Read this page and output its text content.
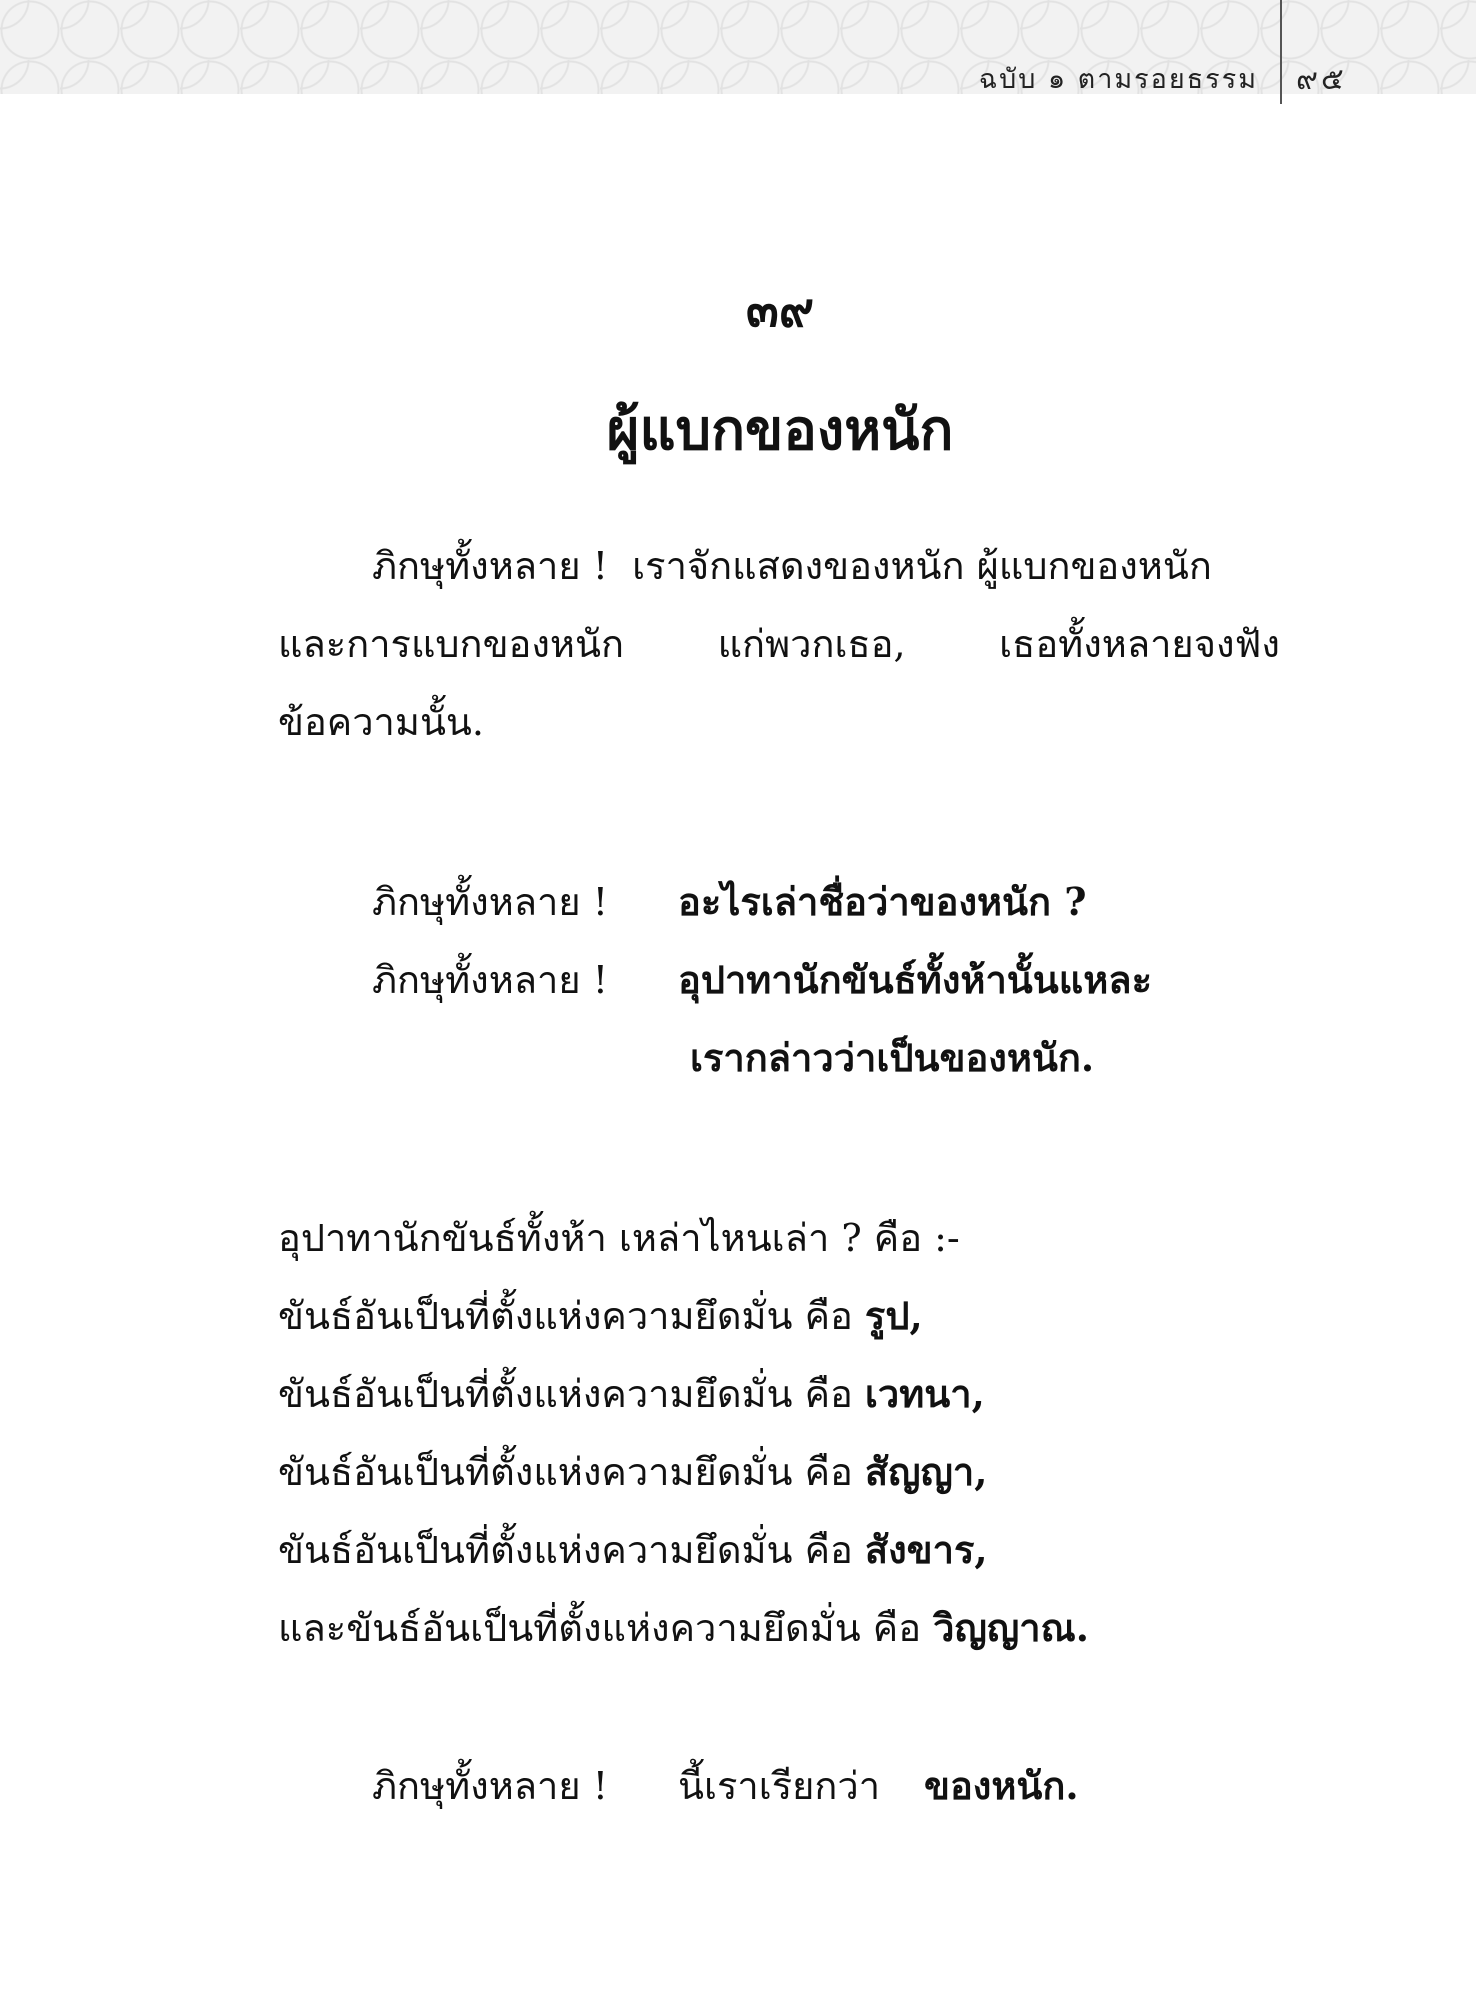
ฉบับ ๑ ตามรอยธรรม ๙๕
๓๙
ผู้แบกของหนัก
ภิกษุทั้งหลาย ! เราจักแสดงของหนัก ผู้แบกของหนัก
และการแบกของหนัก แก่พวกเธอ, เธอทั้งหลายจงฟัง
ข้อความนั้น.
ภิกษุทั้งหลาย ! อะไรเล่าชื่อว่าของหนัก ?
ภิกษุทั้งหลาย ! อุปาทานักขันธ์ทั้งห้านั้นแหละ
เรากล่าวว่าเป็นของหนัก.
อุปาทานักขันธ์ทั้งห้า เหล่าไหนเล่า ? คือ :-
ขันธ์อันเป็นที่ตั้งแห่งความยึดมั่น คือ รูป,
ขันธ์อันเป็นที่ตั้งแห่งความยึดมั่น คือ เวทนา,
ขันธ์อันเป็นที่ตั้งแห่งความยึดมั่น คือ สัญญา,
ขันธ์อันเป็นที่ตั้งแห่งความยึดมั่น คือ สังขาร,
และขันธ์อันเป็นที่ตั้งแห่งความยึดมั่น คือ วิญญาณ.
ภิกษุทั้งหลาย ! นี้เราเรียกว่า ของหนัก.
